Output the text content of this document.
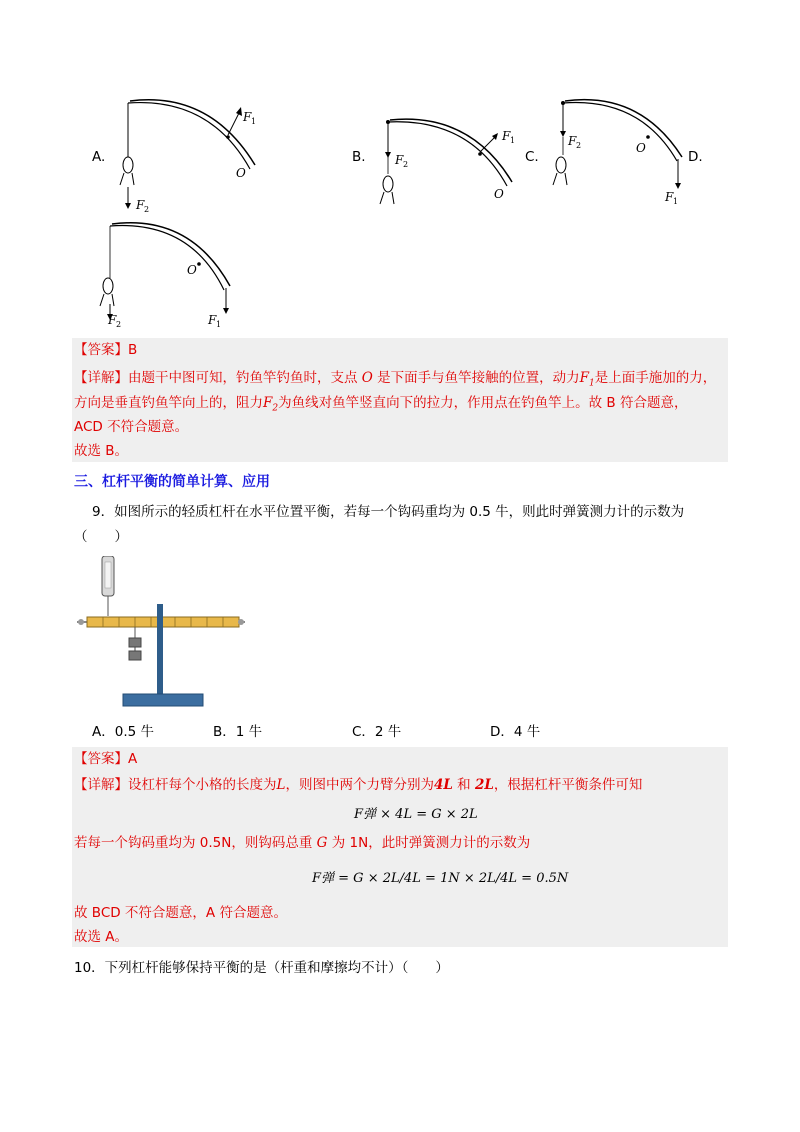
A.
F 1
F 2
O
B.
F 1
F 2
O
C.
F 2
F 1
O
D.
O
F 2	F 1
【答案】B
【详解】由题干中图可知，钓鱼竿钓鱼时，支点 O 是下面手与鱼竿接触的位置，动力$F_1$是上面手施加的力，
方向是垂直钓鱼竿向上的，阻力$F_2$为鱼线对鱼竿竖直向下的拉力，作用点在钓鱼竿上。故 B 符合题意，
ACD 不符合题意。
故选 B。
三、杠杆平衡的简单计算、应用
9．如图所示的轻质杠杆在水平位置平衡，若每一个钩码重均为 0.5 牛，则此时弹簧测力计的示数为
（　　）
A．0.5 牛	B．1 牛	C．2 牛	D．4 牛
【答案】A
【详解】设杠杆每个小格的长度为L，则图中两个力臂分别为4L 和 2L，根据杠杆平衡条件可知
F弹 × 4L = G × 2L
若每一个钩码重均为 0.5N，则钩码总重 G 为 1N，此时弹簧测力计的示数为
F弹 = G × 2L/4L = 1N × 2L/4L = 0.5N
故 BCD 不符合题意，A 符合题意。
故选 A。
10．下列杠杆能够保持平衡的是（杆重和摩擦均不计）（　　）
